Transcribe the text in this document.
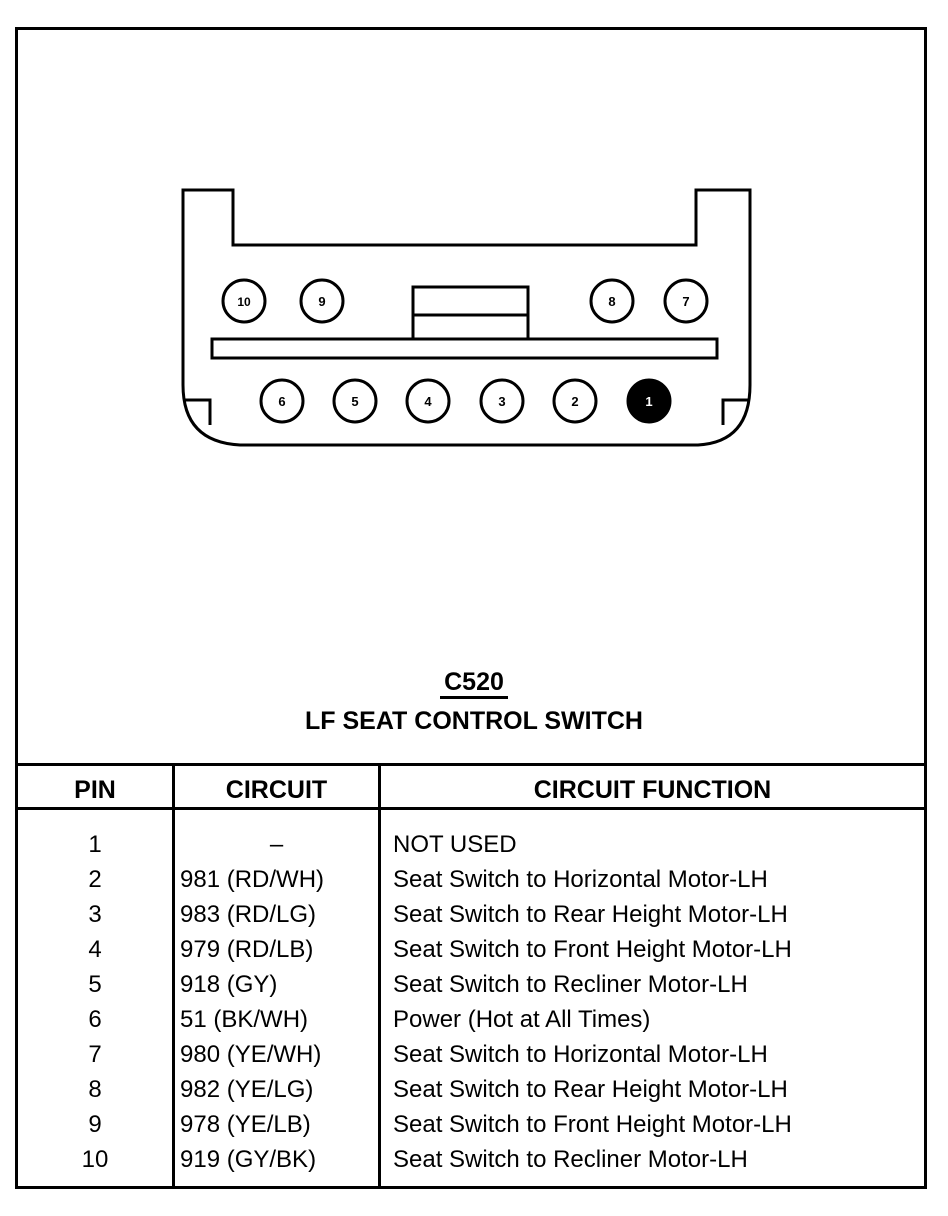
10	9	8	7
6	5	4	3	2	1
C520
LF SEAT CONTROL SWITCH
PIN	CIRCUIT	CIRCUIT FUNCTION
1	–	NOT USED
2	981 (RD/WH)	Seat Switch to Horizontal Motor-LH
3	983 (RD/LG)	Seat Switch to Rear Height Motor-LH
4	979 (RD/LB)	Seat Switch to Front Height Motor-LH
5	918 (GY)	Seat Switch to Recliner Motor-LH
6	51 (BK/WH)	Power (Hot at All Times)
7	980 (YE/WH)	Seat Switch to Horizontal Motor-LH
8	982 (YE/LG)	Seat Switch to Rear Height Motor-LH
9	978 (YE/LB)	Seat Switch to Front Height Motor-LH
10	919 (GY/BK)	Seat Switch to Recliner Motor-LH
